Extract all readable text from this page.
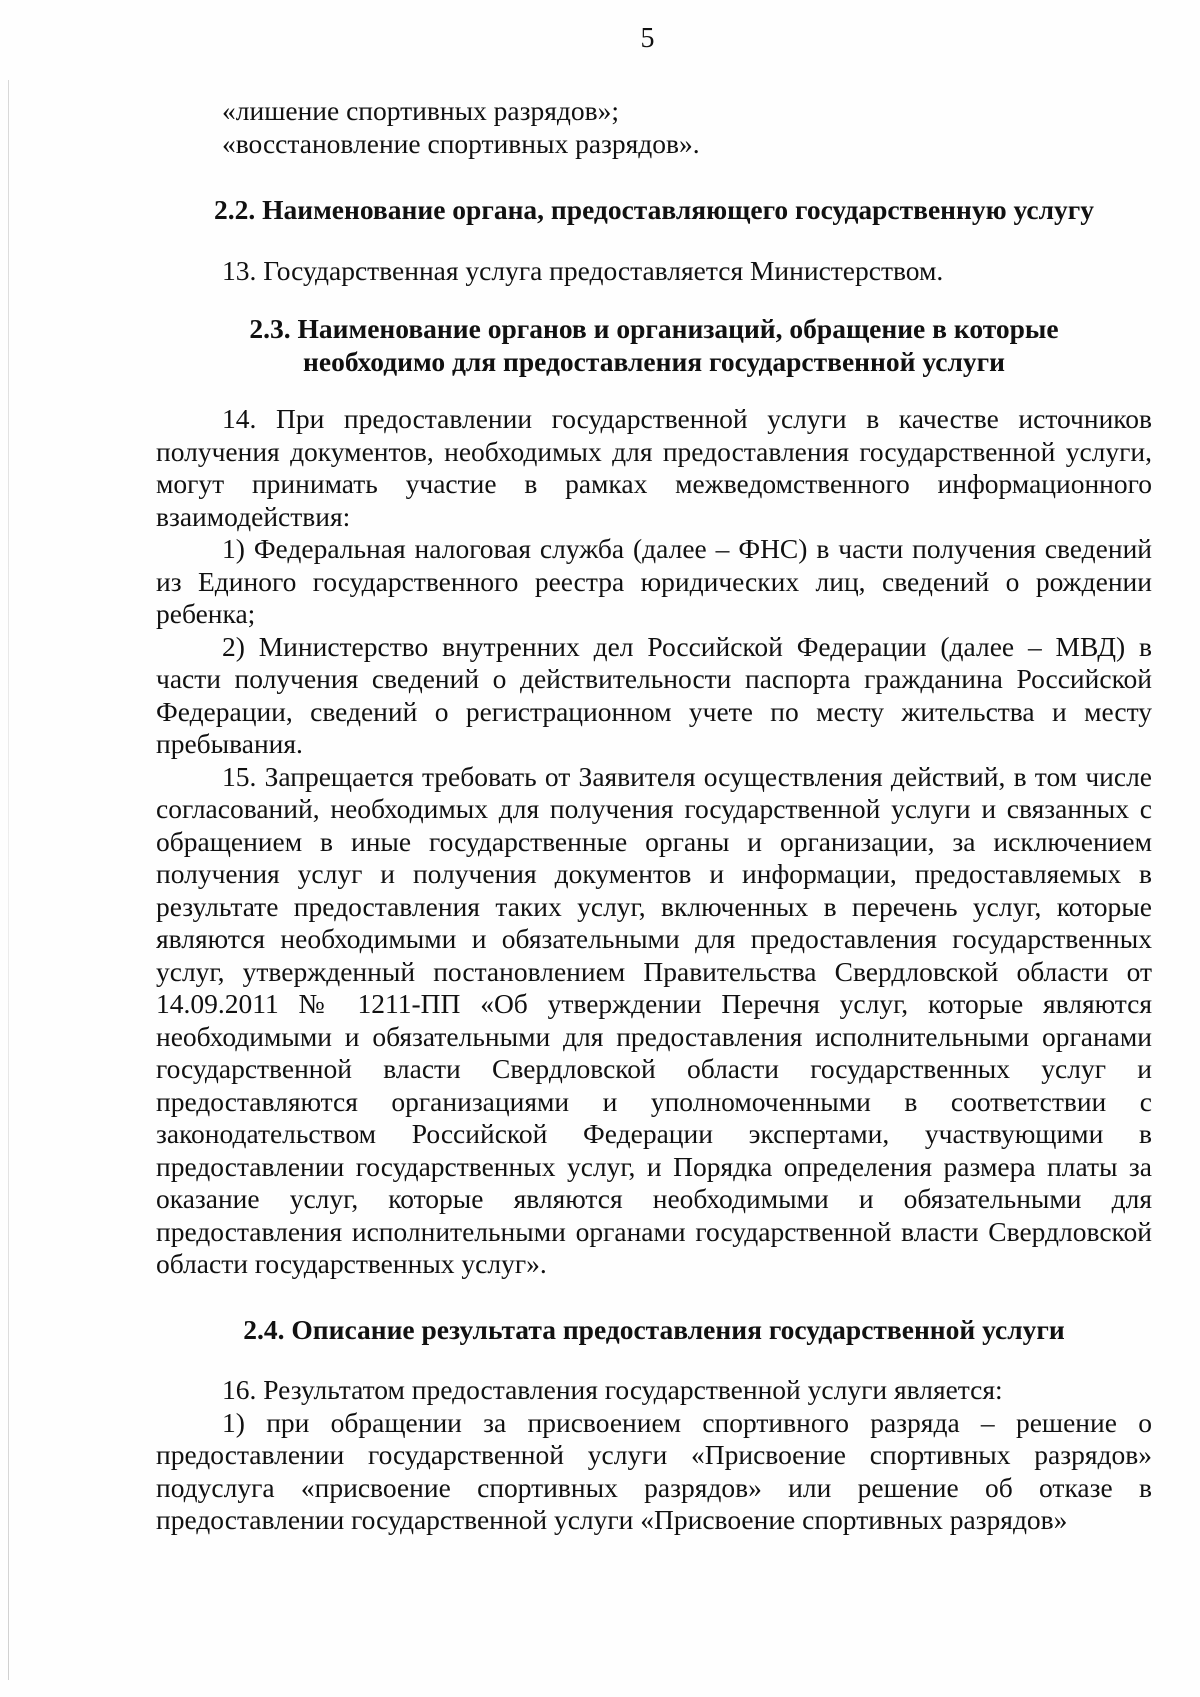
5

«лишение спортивных разрядов»;

«восстановление спортивных разрядов».

2.2. Наименование органа, предоставляющего государственную услугу

13. Государственная услуга предоставляется Министерством.

2.3. Наименование органов и организаций, обращение в которые
необходимо для предоставления государственной услуги

14. При предоставлении государственной услуги в качестве источников получения документов, необходимых для предоставления государственной услуги, могут принимать участие в рамках межведомственного информационного взаимодействия:

1) Федеральная налоговая служба (далее – ФНС) в части получения сведений из Единого государственного реестра юридических лиц, сведений о рождении ребенка;

2) Министерство внутренних дел Российской Федерации (далее – МВД) в части получения сведений о действительности паспорта гражданина Российской Федерации, сведений о регистрационном учете по месту жительства и месту пребывания.

15. Запрещается требовать от Заявителя осуществления действий, в том числе согласований, необходимых для получения государственной услуги и связанных с обращением в иные государственные органы и организации, за исключением получения услуг и получения документов и информации, предоставляемых в результате предоставления таких услуг, включенных в перечень услуг, которые являются необходимыми и обязательными для предоставления государственных услуг, утвержденный постановлением Правительства Свердловской области от 14.09.2011 № 1211-ПП «Об утверждении Перечня услуг, которые являются необходимыми и обязательными для предоставления исполнительными органами государственной власти Свердловской области государственных услуг и предоставляются организациями и уполномоченными в соответствии с законодательством Российской Федерации экспертами, участвующими в предоставлении государственных услуг, и Порядка определения размера платы за оказание услуг, которые являются необходимыми и обязательными для предоставления исполнительными органами государственной власти Свердловской области государственных услуг».

2.4. Описание результата предоставления государственной услуги

16. Результатом предоставления государственной услуги является:

1) при обращении за присвоением спортивного разряда – решение о предоставлении государственной услуги «Присвоение спортивных разрядов» подуслуга «присвоение спортивных разрядов» или решение об отказе в предоставлении государственной услуги «Присвоение спортивных разрядов»
